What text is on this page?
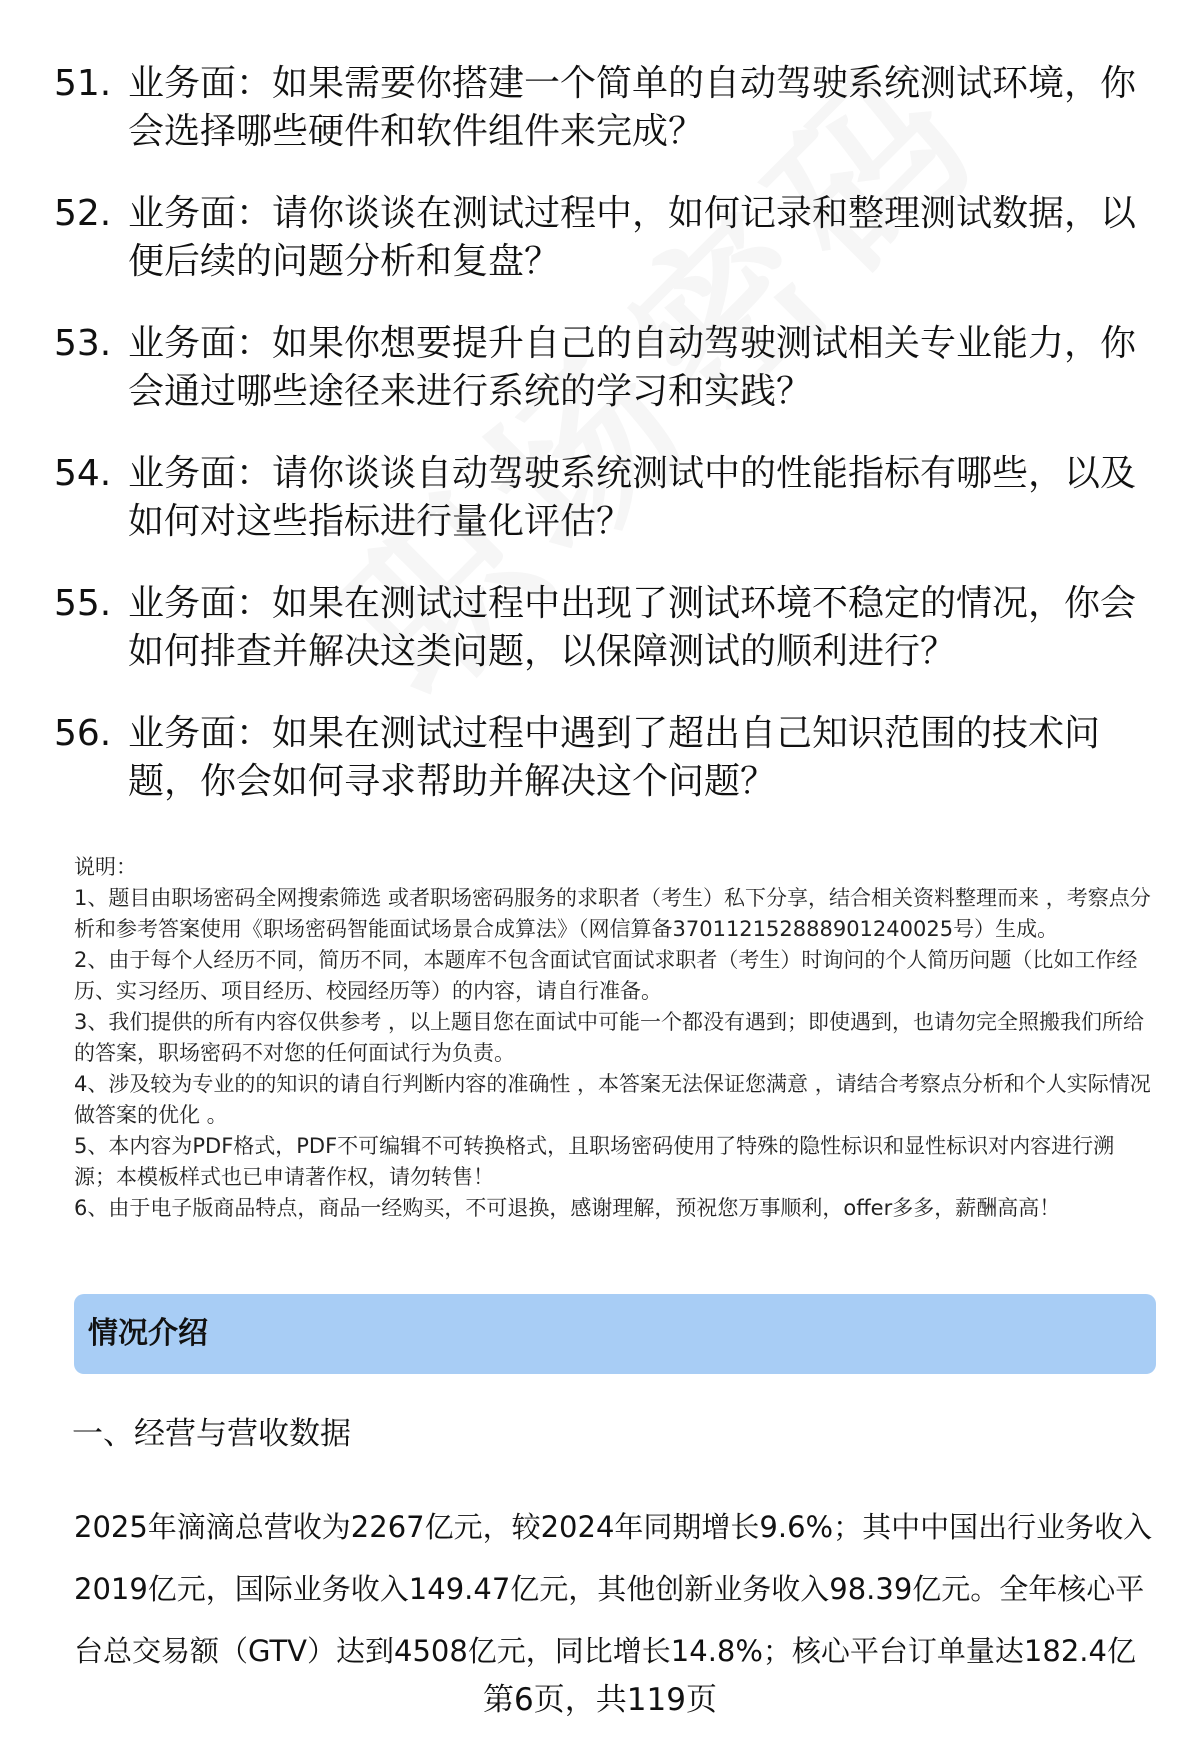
51. 业务面：如果需要你搭建一个简单的自动驾驶系统测试环境，你会选择哪些硬件和软件组件来完成？
52. 业务面：请你谈谈在测试过程中，如何记录和整理测试数据，以便后续的问题分析和复盘？
53. 业务面：如果你想要提升自己的自动驾驶测试相关专业能力，你会通过哪些途径来进行系统的学习和实践？
54. 业务面：请你谈谈自动驾驶系统测试中的性能指标有哪些，以及如何对这些指标进行量化评估？
55. 业务面：如果在测试过程中出现了测试环境不稳定的情况，你会如何排查并解决这类问题，以保障测试的顺利进行？
56. 业务面：如果在测试过程中遇到了超出自己知识范围的技术问题，你会如何寻求帮助并解决这个问题？

说明：

1、题目由职场密码全网搜索筛选 或者职场密码服务的求职者（考生）私下分享，结合相关资料整理而来 ，考察点分析和参考答案使用《职场密码智能面试场景合成算法》（网信算备370112152888901240025号）生成。

2、由于每个人经历不同，简历不同，本题库不包含面试官面试求职者（考生）时询问的个人简历问题（比如工作经历、实习经历、项目经历、校园经历等）的内容，请自行准备。

3、我们提供的所有内容仅供参考 ，以上题目您在面试中可能一个都没有遇到；即使遇到，也请勿完全照搬我们所给的答案，职场密码不对您的任何面试行为负责。

4、涉及较为专业的的知识的请自行判断内容的准确性 ，本答案无法保证您满意 ，请结合考察点分析和个人实际情况做答案的优化 。

5、本内容为PDF格式，PDF不可编辑不可转换格式，且职场密码使用了特殊的隐性标识和显性标识对内容进行溯源；本模板样式也已申请著作权，请勿转售！

6、由于电子版商品特点，商品一经购买，不可退换，感谢理解，预祝您万事顺利，offer多多，薪酬高高！

情况介绍
一、经营与营收数据
2025年滴滴总营收为2267亿元，较2024年同期增长9.6%；其中中国出行业务收入2019亿元，国际业务收入149.47亿元，其他创新业务收入98.39亿元。全年核心平台总交易额（GTV）达到4508亿元，同比增长14.8%；核心平台订单量达182.4亿
第6页，共119页
